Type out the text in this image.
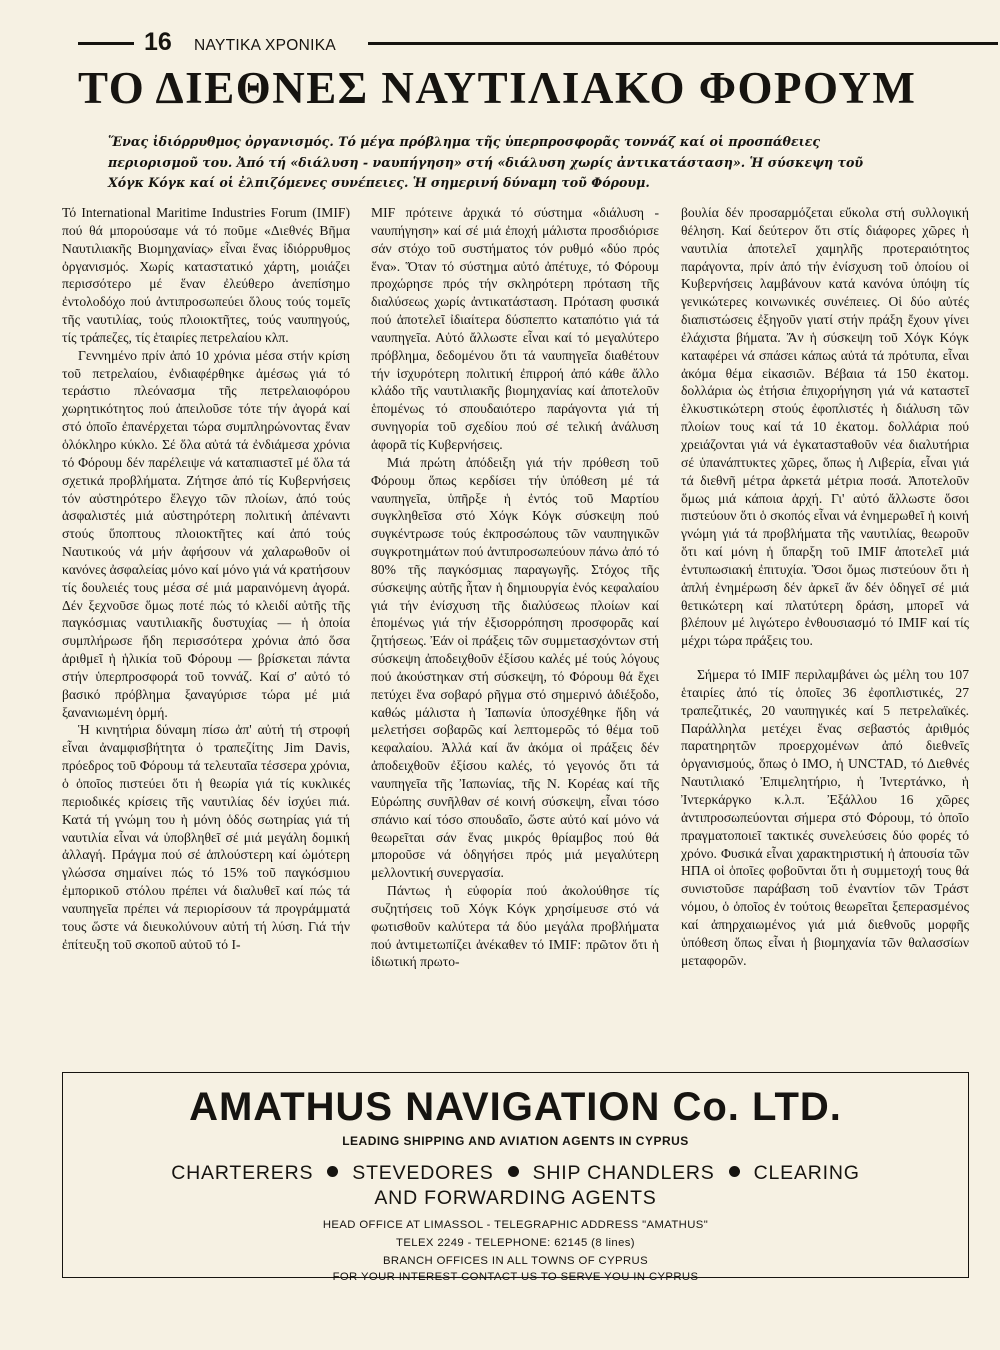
16 ΝΑΥΤΙΚΑ ΧΡΟΝΙΚΑ
ΤΟ ΔΙΕΘΝΕΣ ΝΑΥΤΙΛΙΑΚΟ ΦΟΡΟΥΜ

Ἕνας ἰδιόρρυθμος ὀργανισμός. Τό μέγα πρόβλημα τῆς ὑπερπροσφορᾶς τοννάζ καί οἱ προσπάθειες περιορισμοῦ του. Ἀπό τή «διάλυση - ναυπήγηση» στή «διάλυση χωρίς ἀντικατάσταση». Ἡ σύσκεψη τοῦ Χόγκ Κόγκ καί οἱ ἐλπιζόμενες συνέπειες. Ἡ σημερινή δύναμη τοῦ Φόρουμ.

Τό International Maritime Industries Forum (IMIF) πού θά μπορούσαμε νά τό ποῦμε «Διεθνές Βῆμα Ναυτιλιακῆς Βιομηχανίας» εἶναι ἕνας ἰδιόρρυθμος ὀργανισμός. Χωρίς καταστατικό χάρτη, μοιάζει περισσότερο μέ ἕναν ἐλεύθερο ἀνεπίσημο ἐντολοδόχο πού ἀντιπροσωπεύει ὅλους τούς τομεῖς τῆς ναυτιλίας, τούς πλοιοκτῆτες, τούς ναυπηγούς, τίς τράπεζες, τίς ἑταιρίες πετρελαίου κλπ.

Γεννημένο πρίν ἀπό 10 χρόνια μέσα στήν κρίση τοῦ πετρελαίου, ἐνδιαφέρθηκε ἀμέσως γιά τό τεράστιο πλεόνασμα τῆς πετρελαιοφόρου χωρητικότητος πού ἀπειλοῦσε τότε τήν ἀγορά καί στό ὁποῖο ἐπανέρχεται τώρα συμπληρώνοντας ἕναν ὁλόκληρο κύκλο. Σέ ὅλα αὐτά τά ἐνδιάμεσα χρόνια τό Φόρουμ δέν παρέλειψε νά καταπιαστεῖ μέ ὅλα τά σχετικά προβλήματα. Ζήτησε ἀπό τίς Κυβερνήσεις τόν αὐστηρότερο ἔλεγχο τῶν πλοίων, ἀπό τούς ἀσφαλιστές μιά αὐστηρότερη πολιτική ἀπέναντι στούς ὕποπτους πλοιοκτῆτες καί ἀπό τούς Ναυτικούς νά μήν ἀφήσουν νά χαλαρωθοῦν οἱ κανόνες ἀσφαλείας μόνο καί μόνο γιά νά κρατήσουν τίς δουλειές τους μέσα σέ μιά μαραινόμενη ἀγορά. Δέν ξεχνοῦσε ὅμως ποτέ πώς τό κλειδί αὐτῆς τῆς παγκόσμιας ναυτιλιακῆς δυστυχίας — ἡ ὁποία συμπλήρωσε ἤδη περισσότερα χρόνια ἀπό ὅσα ἀριθμεῖ ἡ ἡλικία τοῦ Φόρουμ — βρίσκεται πάντα στήν ὑπερπροσφορά τοῦ τοννάζ. Καί σ' αὐτό τό βασικό πρόβλημα ξαναγύρισε τώρα μέ μιά ξανανιωμένη ὁρμή.

Ἡ κινητήρια δύναμη πίσω ἀπ' αὐτή τή στροφή εἶναι ἀναμφισβήτητα ὁ τραπεζίτης Jim Davis, πρόεδρος τοῦ Φόρουμ τά τελευταῖα τέσσερα χρόνια, ὁ ὁποῖος πιστεύει ὅτι ἡ θεωρία γιά τίς κυκλικές περιοδικές κρίσεις τῆς ναυτιλίας δέν ἰσχύει πιά. Κατά τή γνώμη του ἡ μόνη ὁδός σωτηρίας γιά τή ναυτιλία εἶναι νά ὑποβληθεῖ σέ μιά μεγάλη δομική ἀλλαγή. Πράγμα πού σέ ἁπλούστερη καί ὠμότερη γλώσσα σημαίνει πώς τό 15% τοῦ παγκόσμιου ἐμπορικοῦ στόλου πρέπει νά διαλυθεῖ καί πώς τά ναυπηγεῖα πρέπει νά περιορίσουν τά προγράμματά τους ὥστε νά διευκολύνουν αὐτή τή λύση. Γιά τήν ἐπίτευξη τοῦ σκοποῦ αὐτοῦ τό Ι-

MIF πρότεινε ἀρχικά τό σύστημα «διάλυση - ναυπήγηση» καί σέ μιά ἐποχή μάλιστα προσδιόρισε σάν στόχο τοῦ συστήματος τόν ρυθμό «δύο πρός ἕνα». Ὅταν τό σύστημα αὐτό ἀπέτυχε, τό Φόρουμ προχώρησε πρός τήν σκληρότερη πρόταση τῆς διαλύσεως χωρίς ἀντικατάσταση. Πρόταση φυσικά πού ἀποτελεῖ ἰδιαίτερα δύσπεπτο καταπότιο γιά τά ναυπηγεῖα. Αὐτό ἄλλωστε εἶναι καί τό μεγαλύτερο πρόβλημα, δεδομένου ὅτι τά ναυπηγεῖα διαθέτουν τήν ἰσχυρότερη πολιτική ἐπιρροή ἀπό κάθε ἄλλο κλάδο τῆς ναυτιλιακῆς βιομηχανίας καί ἀποτελοῦν ἑπομένως τό σπουδαιότερο παράγοντα γιά τή συνηγορία τοῦ σχεδίου πού σέ τελική ἀνάλυση ἀφορᾶ τίς Κυβερνήσεις.

Μιά πρώτη ἀπόδειξη γιά τήν πρόθεση τοῦ Φόρουμ ὅπως κερδίσει τήν ὑπόθεση μέ τά ναυπηγεῖα, ὑπῆρξε ἡ ἐντός τοῦ Μαρτίου συγκληθεῖσα στό Χόγκ Κόγκ σύσκεψη πού συγκέντρωσε τούς ἐκπροσώπους τῶν ναυπηγικῶν συγκροτημάτων πού ἀντιπροσωπεύουν πάνω ἀπό τό 80% τῆς παγκόσμιας παραγωγῆς. Στόχος τῆς σύσκεψης αὐτῆς ἦταν ἡ δημιουργία ἑνός κεφαλαίου γιά τήν ἐνίσχυση τῆς διαλύσεως πλοίων καί ἑπομένως γιά τήν ἐξισορρόπηση προσφορᾶς καί ζητήσεως. Ἐάν οἱ πράξεις τῶν συμμετασχόντων στή σύσκεψη ἀποδειχθοῦν ἐξίσου καλές μέ τούς λόγους πού ἀκούστηκαν στή σύσκεψη, τό Φόρουμ θά ἔχει πετύχει ἕνα σοβαρό ρῆγμα στό σημερινό ἀδιέξοδο, καθώς μάλιστα ἡ Ἰαπωνία ὑποσχέθηκε ἤδη νά μελετήσει σοβαρῶς καί λεπτομερῶς τό θέμα τοῦ κεφαλαίου. Ἀλλά καί ἄν ἀκόμα οἱ πράξεις δέν ἀποδειχθοῦν ἐξίσου καλές, τό γεγονός ὅτι τά ναυπηγεῖα τῆς Ἰαπωνίας, τῆς Ν. Κορέας καί τῆς Εὐρώπης συνῆλθαν σέ κοινή σύσκεψη, εἶναι τόσο σπάνιο καί τόσο σπουδαῖο, ὥστε αὐτό καί μόνο νά θεωρεῖται σάν ἕνας μικρός θρίαμβος πού θά μποροῦσε νά ὁδηγήσει πρός μιά μεγαλύτερη μελλοντική συνεργασία.

Πάντως ἡ εὐφορία πού ἀκολούθησε τίς συζητήσεις τοῦ Χόγκ Κόγκ χρησίμευσε στό νά φωτισθοῦν καλύτερα τά δύο μεγάλα προβλήματα πού ἀντιμετωπίζει ἀνέκαθεν τό IMIF: πρῶτον ὅτι ἡ ἰδιωτική πρωτο-

βουλία δέν προσαρμόζεται εὔκολα στή συλλογική θέληση. Καί δεύτερον ὅτι στίς διάφορες χῶρες ἡ ναυτιλία ἀποτελεῖ χαμηλῆς προτεραιότητος παράγοντα, πρίν ἀπό τήν ἐνίσχυση τοῦ ὁποίου οἱ Κυβερνήσεις λαμβάνουν κατά κανόνα ὑπόψη τίς γενικώτερες κοινωνικές συνέπειες. Οἱ δύο αὐτές διαπιστώσεις ἐξηγοῦν γιατί στήν πράξη ἔχουν γίνει ἐλάχιστα βήματα. Ἄν ἡ σύσκεψη τοῦ Χόγκ Κόγκ καταφέρει νά σπάσει κάπως αὐτά τά πρότυπα, εἶναι ἀκόμα θέμα εἰκασιῶν. Βέβαια τά 150 ἑκατομ. δολλάρια ὡς ἐτήσια ἐπιχορήγηση γιά νά καταστεῖ ἑλκυστικώτερη στούς ἐφοπλιστές ἡ διάλυση τῶν πλοίων τους καί τά 10 ἑκατομ. δολλάρια πού χρειάζονται γιά νά ἐγκατασταθοῦν νέα διαλυτήρια σέ ὑπανάπτυκτες χῶρες, ὅπως ἡ Λιβερία, εἶναι γιά τά διεθνῆ μέτρα ἀρκετά μέτρια ποσά. Ἀποτελοῦν ὅμως μιά κάποια ἀρχή. Γι' αὐτό ἄλλωστε ὅσοι πιστεύουν ὅτι ὁ σκοπός εἶναι νά ἐνημερωθεῖ ἡ κοινή γνώμη γιά τά προβλήματα τῆς ναυτιλίας, θεωροῦν ὅτι καί μόνη ἡ ὕπαρξη τοῦ IMIF ἀποτελεῖ μιά ἐντυπωσιακή ἐπιτυχία. Ὅσοι ὅμως πιστεύουν ὅτι ἡ ἁπλή ἐνημέρωση δέν ἀρκεῖ ἄν δέν ὁδηγεῖ σέ μιά θετικώτερη καί πλατύτερη δράση, μπορεῖ νά βλέπουν μέ λιγώτερο ἐνθουσιασμό τό IMIF καί τίς μέχρι τώρα πράξεις του.

Σήμερα τό IMIF περιλαμβάνει ὡς μέλη του 107 ἑταιρίες ἀπό τίς ὁποῖες 36 ἐφοπλιστικές, 27 τραπεζιτικές, 20 ναυπηγικές καί 5 πετρελαϊκές. Παράλληλα μετέχει ἕνας σεβαστός ἀριθμός παρατηρητῶν προερχομένων ἀπό διεθνεῖς ὀργανισμούς, ὅπως ὁ IMO, ἡ UNCTAD, τό Διεθνές Ναυτιλιακό Ἐπιμελητήριο, ἡ Ἰντερτάνκο, ἡ Ἰντερκάργκο κ.λ.π. Ἐξάλλου 16 χῶρες ἀντιπροσωπεύονται σήμερα στό Φόρουμ, τό ὁποῖο πραγματοποιεῖ τακτικές συνελεύσεις δύο φορές τό χρόνο. Φυσικά εἶναι χαρακτηριστική ἡ ἀπουσία τῶν ΗΠΑ οἱ ὁποῖες φοβοῦνται ὅτι ἡ συμμετοχή τους θά συνιστοῦσε παράβαση τοῦ ἐναντίον τῶν Τράστ νόμου, ὁ ὁποῖος ἐν τούτοις θεωρεῖται ξεπερασμένος καί ἀπηρχαιωμένος γιά μιά διεθνοῦς μορφῆς ὑπόθεση ὅπως εἶναι ἡ βιομηχανία τῶν θαλασσίων μεταφορῶν.

AMATHUS NAVIGATION Co. LTD.
LEADING SHIPPING AND AVIATION AGENTS IN CYPRUS
CHARTERERS STEVEDORES SHIP CHANDLERS CLEARING
AND FORWARDING AGENTS
HEAD OFFICE AT LIMASSOL - TELEGRAPHIC ADDRESS "AMATHUS"
TELEX 2249 - TELEPHONE: 62145 (8 lines)
BRANCH OFFICES IN ALL TOWNS OF CYPRUS
FOR YOUR INTEREST CONTACT US TO SERVE YOU IN CYPRUS
